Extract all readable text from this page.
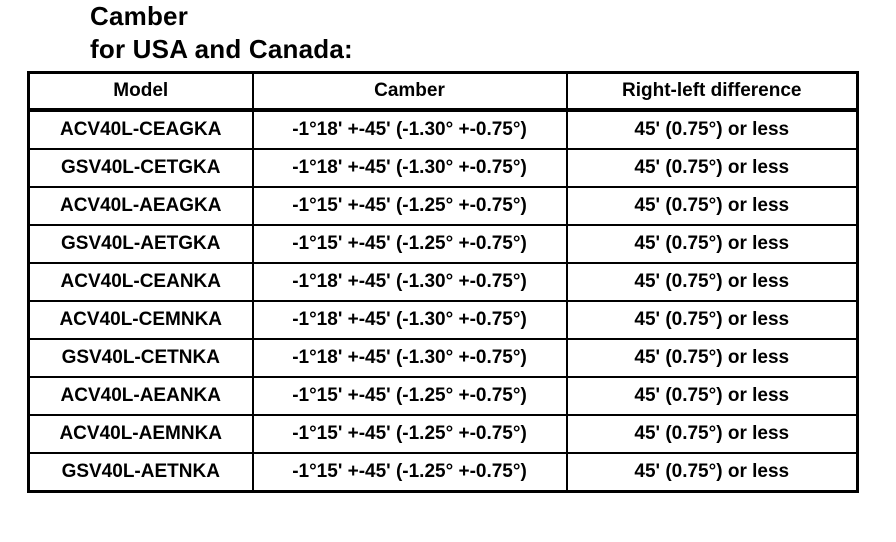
Camber
for USA and Canada:
Model	Camber	Right-left difference
ACV40L-CEAGKA	-1°18' +-45' (-1.30° +-0.75°)	45' (0.75°) or less
GSV40L-CETGKA	-1°18' +-45' (-1.30° +-0.75°)	45' (0.75°) or less
ACV40L-AEAGKA	-1°15' +-45' (-1.25° +-0.75°)	45' (0.75°) or less
GSV40L-AETGKA	-1°15' +-45' (-1.25° +-0.75°)	45' (0.75°) or less
ACV40L-CEANKA	-1°18' +-45' (-1.30° +-0.75°)	45' (0.75°) or less
ACV40L-CEMNKA	-1°18' +-45' (-1.30° +-0.75°)	45' (0.75°) or less
GSV40L-CETNKA	-1°18' +-45' (-1.30° +-0.75°)	45' (0.75°) or less
ACV40L-AEANKA	-1°15' +-45' (-1.25° +-0.75°)	45' (0.75°) or less
ACV40L-AEMNKA	-1°15' +-45' (-1.25° +-0.75°)	45' (0.75°) or less
GSV40L-AETNKA	-1°15' +-45' (-1.25° +-0.75°)	45' (0.75°) or less
